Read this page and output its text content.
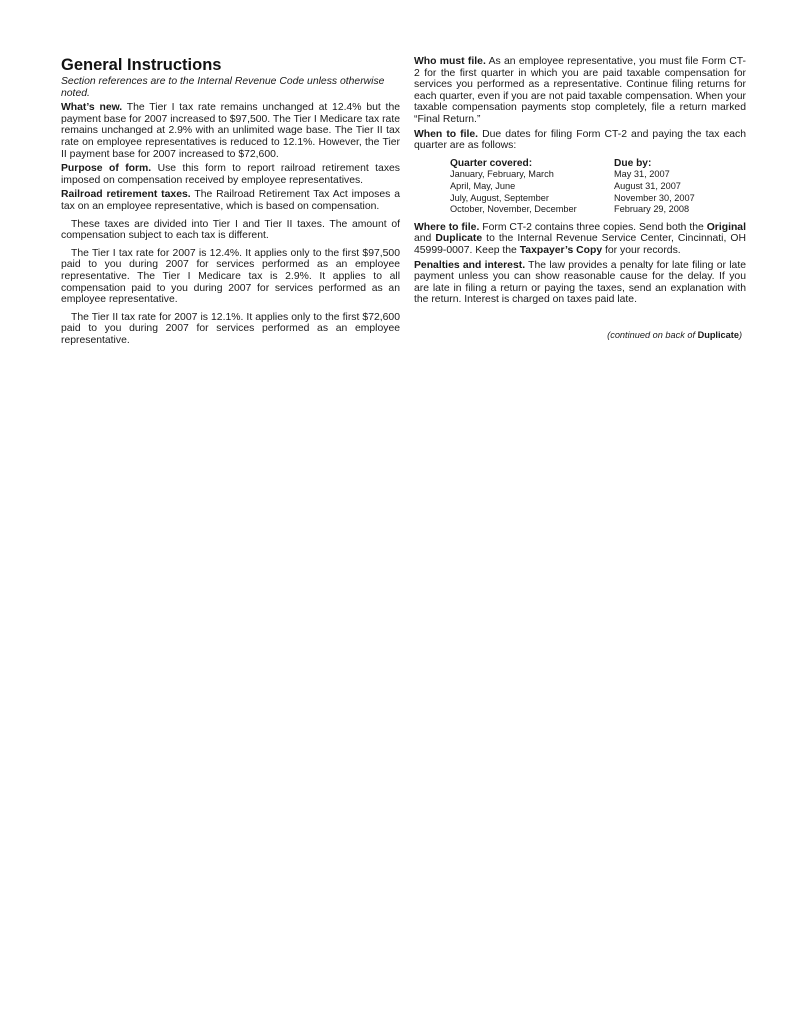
General Instructions

Section references are to the Internal Revenue Code unless otherwise noted.

What’s new. The Tier I tax rate remains unchanged at 12.4% but the payment base for 2007 increased to $97,500. The Tier I Medicare tax rate remains unchanged at 2.9% with an unlimited wage base. The Tier II tax rate on employee representatives is reduced to 12.1%. However, the Tier II payment base for 2007 increased to $72,600.

Purpose of form. Use this form to report railroad retirement taxes imposed on compensation received by employee representatives.

Railroad retirement taxes. The Railroad Retirement Tax Act imposes a tax on an employee representative, which is based on compensation.

These taxes are divided into Tier I and Tier II taxes. The amount of compensation subject to each tax is different.

The Tier I tax rate for 2007 is 12.4%. It applies only to the first $97,500 paid to you during 2007 for services performed as an employee representative. The Tier I Medicare tax is 2.9%. It applies to all compensation paid to you during 2007 for services performed as an employee representative.

The Tier II tax rate for 2007 is 12.1%. It applies only to the first $72,600 paid to you during 2007 for services performed as an employee representative.

Who must file. As an employee representative, you must file Form CT-2 for the first quarter in which you are paid taxable compensation for services you performed as a representative. Continue filing returns for each quarter, even if you are not paid taxable compensation. When your taxable compensation payments stop completely, file a return marked “Final Return.”

When to file. Due dates for filing Form CT-2 and paying the tax each quarter are as follows:

Quarter covered:	Due by:
January, February, March	May 31, 2007
April, May, June	August 31, 2007
July, August, September	November 30, 2007
October, November, December	February 29, 2008

Where to file. Form CT-2 contains three copies. Send both the Original and Duplicate to the Internal Revenue Service Center, Cincinnati, OH 45999-0007. Keep the Taxpayer’s Copy for your records.

Penalties and interest. The law provides a penalty for late filing or late payment unless you can show reasonable cause for the delay. If you are late in filing a return or paying the taxes, send an explanation with the return. Interest is charged on taxes paid late.

(continued on back of Duplicate)
